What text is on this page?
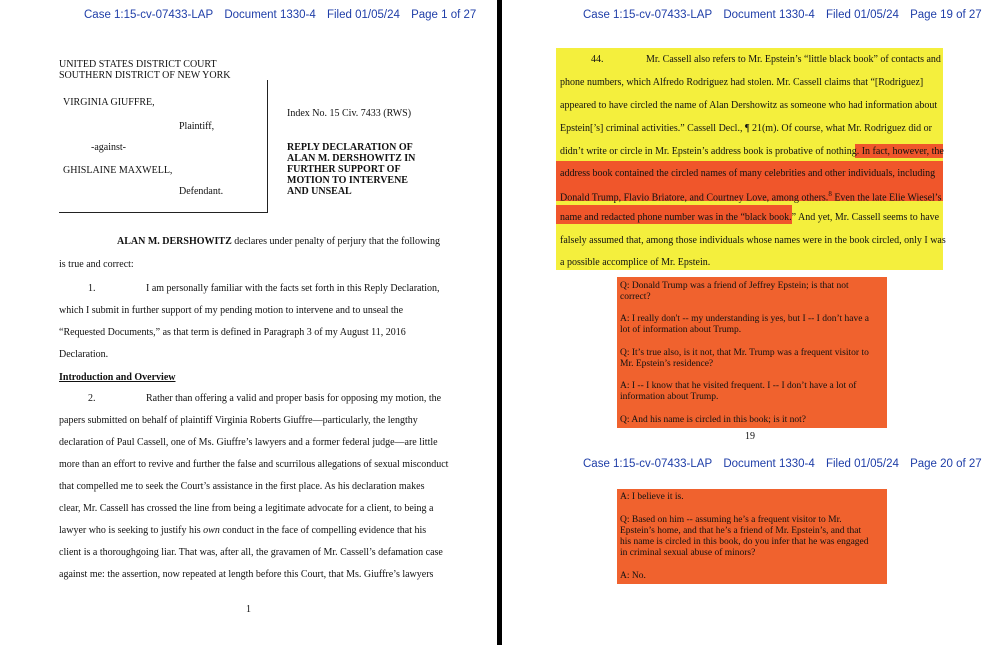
Case 1:15-cv-07433-LAP Document 1330-4 Filed 01/05/24 Page 1 of 27
UNITED STATES DISTRICT COURT
SOUTHERN DISTRICT OF NEW YORK
VIRGINIA GIUFFRE,
Plaintiff,
-against-
GHISLAINE MAXWELL,
Defendant.
Index No. 15 Civ. 7433 (RWS)
REPLY DECLARATION OF
ALAN M. DERSHOWITZ IN
FURTHER SUPPORT OF
MOTION TO INTERVENE
AND UNSEAL
ALAN M. DERSHOWITZ declares under penalty of perjury that the following
is true and correct:
1.	I am personally familiar with the facts set forth in this Reply Declaration,
which I submit in further support of my pending motion to intervene and to unseal the
“Requested Documents,” as that term is defined in Paragraph 3 of my August 11, 2016
Declaration.
Introduction and Overview
2.	Rather than offering a valid and proper basis for opposing my motion, the
papers submitted on behalf of plaintiff Virginia Roberts Giuffre—particularly, the lengthy
declaration of Paul Cassell, one of Ms. Giuffre’s lawyers and a former federal judge—are little
more than an effort to revive and further the false and scurrilous allegations of sexual misconduct
that compelled me to seek the Court’s assistance in the first place. As his declaration makes
clear, Mr. Cassell has crossed the line from being a legitimate advocate for a client, to being a
lawyer who is seeking to justify his own conduct in the face of compelling evidence that his
client is a thoroughgoing liar. That was, after all, the gravamen of Mr. Cassell’s defamation case
against me: the assertion, now repeated at length before this Court, that Ms. Giuffre’s lawyers
1
Case 1:15-cv-07433-LAP Document 1330-4 Filed 01/05/24 Page 19 of 27
44.	Mr. Cassell also refers to Mr. Epstein’s “little black book” of contacts and
phone numbers, which Alfredo Rodriguez had stolen. Mr. Cassell claims that “[Rodriguez]
appeared to have circled the name of Alan Dershowitz as someone who had information about
Epstein[’s] criminal activities.” Cassell Decl., ¶ 21(m). Of course, what Mr. Rodriguez did or
didn’t write or circle in Mr. Epstein’s address book is probative of nothing. In fact, however, the
address book contained the circled names of many celebrities and other individuals, including
Donald Trump, Flavio Briatore, and Courtney Love, among others.$^8$ Even the late Elie Wiesel’s
name and redacted phone number was in the “black book.” And yet, Mr. Cassell seems to have
falsely assumed that, among those individuals whose names were in the book circled, only I was
a possible accomplice of Mr. Epstein.
Q: Donald Trump was a friend of Jeffrey Epstein; is that not
correct?
A: I really don't -- my understanding is yes, but I -- I don’t have a
lot of information about Trump.
Q: It’s true also, is it not, that Mr. Trump was a frequent visitor to
Mr. Epstein’s residence?
A: I -- I know that he visited frequent. I -- I don’t have a lot of
information about Trump.
Q: And his name is circled in this book; is it not?
19
Case 1:15-cv-07433-LAP Document 1330-4 Filed 01/05/24 Page 20 of 27
A: I believe it is.
Q: Based on him -- assuming he’s a frequent visitor to Mr.
Epstein’s home, and that he’s a friend of Mr. Epstein’s, and that
his name is circled in this book, do you infer that he was engaged
in criminal sexual abuse of minors?
A: No.
